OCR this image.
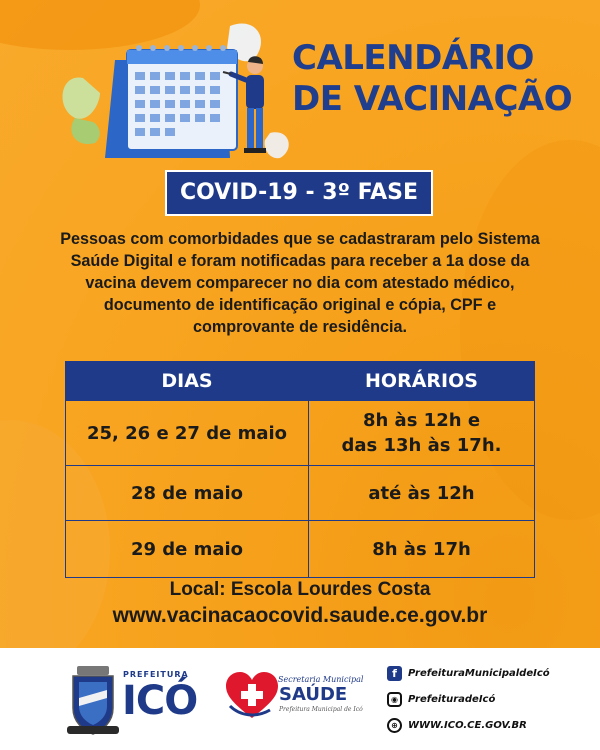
CALENDÁRIO
DE VACINAÇÃO
COVID-19 - 3º FASE
Pessoas com comorbidades que se cadastraram pelo Sistema Saúde Digital e foram notificadas para receber a 1a dose da vacina devem comparecer no dia com atestado médico, documento de identificação original e cópia, CPF e comprovante de residência.
DIAS	HORÁRIOS
25, 26 e 27 de maio	8h às 12h e
das 13h às 17h.

28 de maio	até às 12h
29 de maio	8h às 17h
Local: Escola Lourdes Costa
www.vacinacaocovid.saude.ce.gov.br
PREFEITURA
ICÓ	Secretaria Municipal
SAÚDE
Prefeitura Municipal de Icó
f	PrefeituraMunicipaldeIcó
◉	PrefeituradeIcó
⊕	WWW.ICO.CE.GOV.BR
